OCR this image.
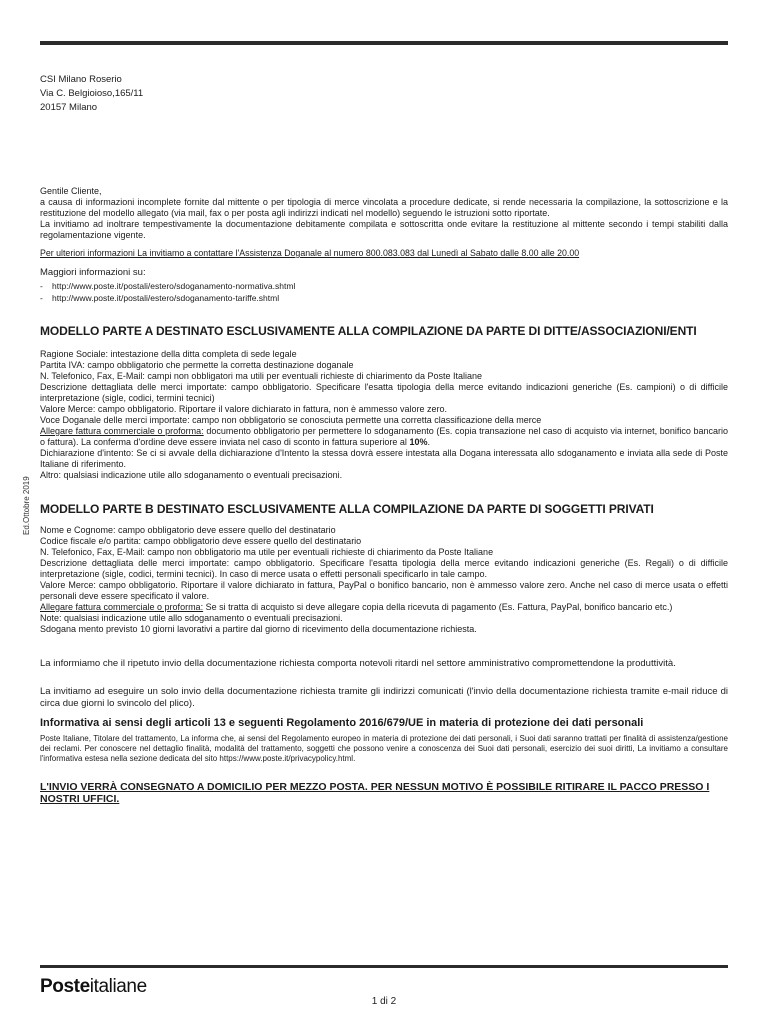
Ed.Ottobre 2019
CSI Milano Roserio
Via C. Belgioioso,165/11
20157 Milano

Gentile Cliente,

a causa di informazioni incomplete fornite dal mittente o per tipologia di merce vincolata a procedure dedicate, si rende necessaria la compilazione, la sottoscrizione e la restituzione del modello allegato (via mail, fax o per posta agli indirizzi indicati nel modello) seguendo le istruzioni sotto riportate.

La invitiamo ad inoltrare tempestivamente la documentazione debitamente compilata e sottoscritta onde evitare la restituzione al mittente secondo i tempi stabiliti dalla regolamentazione vigente.

Per ulteriori informazioni La invitiamo a contattare l'Assistenza Doganale al numero 800.083.083 dal Lunedì al Sabato dalle 8.00 alle 20.00

Maggiori informazioni su:

- http://www.poste.it/postali/estero/sdoganamento-normativa.shtml
- http://www.poste.it/postali/estero/sdoganamento-tariffe.shtml
MODELLO PARTE A DESTINATO ESCLUSIVAMENTE ALLA COMPILAZIONE DA PARTE DI DITTE/ASSOCIAZIONI/ENTI
Ragione Sociale: intestazione della ditta completa di sede legale
Partita IVA: campo obbligatorio che permette la corretta destinazione doganale
N. Telefonico, Fax, E-Mail: campi non obbligatori ma utili per eventuali richieste di chiarimento da Poste Italiane
Descrizione dettagliata delle merci importate: campo obbligatorio. Specificare l'esatta tipologia della merce evitando indicazioni generiche (Es. campioni) o di difficile interpretazione (sigle, codici, termini tecnici)
Valore Merce: campo obbligatorio. Riportare il valore dichiarato in fattura, non è ammesso valore zero.
Voce Doganale delle merci importate: campo non obbligatorio se conosciuta permette una corretta classificazione della merce
Allegare fattura commerciale o proforma: documento obbligatorio per permettere lo sdoganamento (Es. copia transazione nel caso di acquisto via internet, bonifico bancario o fattura). La conferma d'ordine deve essere inviata nel caso di sconto in fattura superiore al 10%.
Dichiarazione d'intento: Se ci si avvale della dichiarazione d'Intento la stessa dovrà essere intestata alla Dogana interessata allo sdoganamento e inviata alla sede di Poste Italiane di riferimento.
Altro: qualsiasi indicazione utile allo sdoganamento o eventuali precisazioni.
MODELLO PARTE B DESTINATO ESCLUSIVAMENTE ALLA COMPILAZIONE DA PARTE DI SOGGETTI PRIVATI
Nome e Cognome: campo obbligatorio deve essere quello del destinatario
Codice fiscale e/o partita: campo obbligatorio deve essere quello del destinatario
N. Telefonico, Fax, E-Mail: campo non obbligatorio ma utile per eventuali richieste di chiarimento da Poste Italiane
Descrizione dettagliata delle merci importate: campo obbligatorio. Specificare l'esatta tipologia della merce evitando indicazioni generiche (Es. Regali) o di difficile interpretazione (sigle, codici, termini tecnici). In caso di merce usata o effetti personali specificarlo in tale campo.
Valore Merce: campo obbligatorio. Riportare il valore dichiarato in fattura, PayPal o bonifico bancario, non è ammesso valore zero. Anche nel caso di merce usata o effetti personali deve essere specificato il valore.
Allegare fattura commerciale o proforma: Se si tratta di acquisto si deve allegare copia della ricevuta di pagamento (Es. Fattura, PayPal, bonifico bancario etc.)
Note: qualsiasi indicazione utile allo sdoganamento o eventuali precisazioni.
Sdogana mento previsto 10 giorni lavorativi a partire dal giorno di ricevimento della documentazione richiesta.

La informiamo che il ripetuto invio della documentazione richiesta comporta notevoli ritardi nel settore amministrativo compromettendone la produttività.

La invitiamo ad eseguire un solo invio della documentazione richiesta tramite gli indirizzi comunicati (l'invio della documentazione richiesta tramite e-mail riduce di circa due giorni lo svincolo del plico).

Informativa ai sensi degli articoli 13 e seguenti Regolamento 2016/679/UE in materia di protezione dei dati personali
Poste Italiane, Titolare del trattamento, La informa che, ai sensi del Regolamento europeo in materia di protezione dei dati personali, i Suoi dati saranno trattati per finalità di assistenza/gestione dei reclami. Per conoscere nel dettaglio finalità, modalità del trattamento, soggetti che possono venire a conoscenza dei Suoi dati personali, esercizio dei suoi diritti, La invitiamo a consultare l'informativa estesa nella sezione dedicata del sito https://www.poste.it/privacypolicy.html.
L'INVIO VERRÀ CONSEGNATO A DOMICILIO PER MEZZO POSTA. PER NESSUN MOTIVO È POSSIBILE RITIRARE IL PACCO PRESSO I NOSTRI UFFICI.
Posteitaliane
1 di 2
